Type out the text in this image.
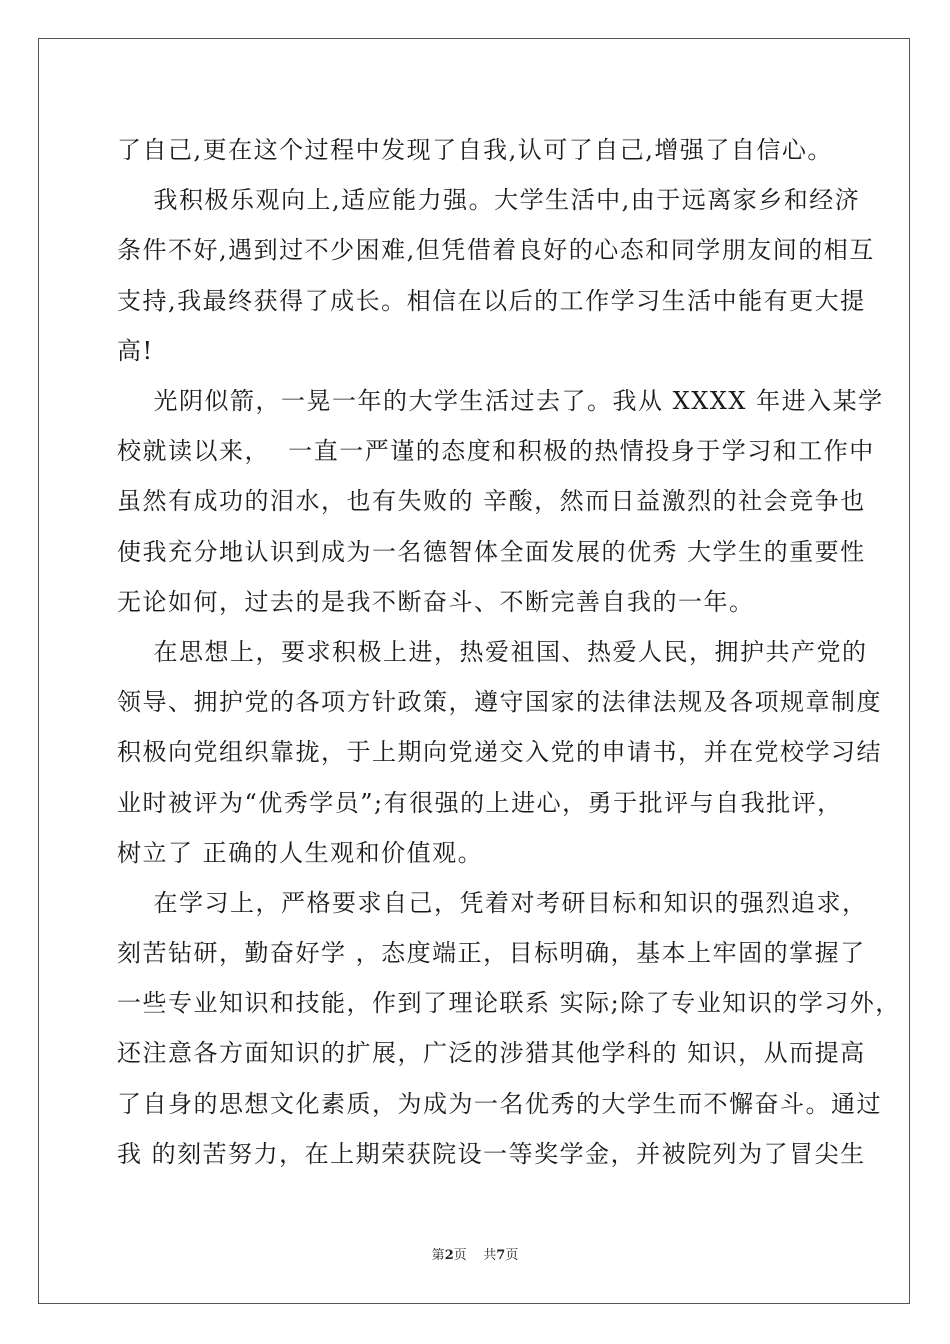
了自己,更在这个过程中发现了自我,认可了自己,增强了自信心。
我积极乐观向上,适应能力强。大学生活中,由于远离家乡和经济
条件不好,遇到过不少困难,但凭借着良好的心态和同学朋友间的相互
支持,我最终获得了成长。相信在以后的工作学习生活中能有更大提
高!
光阴似箭，一晃一年的大学生活过去了。我从 XXXX 年进入某学
校就读以来，  一直一严谨的态度和积极的热情投身于学习和工作中
虽然有成功的泪水，也有失败的 辛酸，然而日益激烈的社会竞争也
使我充分地认识到成为一名德智体全面发展的优秀 大学生的重要性
无论如何，过去的是我不断奋斗、不断完善自我的一年。
在思想上，要求积极上进，热爱祖国、热爱人民，拥护共产党的
领导、拥护党的各项方针政策，遵守国家的法律法规及各项规章制度
积极向党组织靠拢，于上期向党递交入党的申请书，并在党校学习结
业时被评为“优秀学员”;有很强的上进心，勇于批评与自我批评，
树立了 正确的人生观和价值观。
在学习上，严格要求自己，凭着对考研目标和知识的强烈追求，
刻苦钻研，勤奋好学 ，态度端正，目标明确，基本上牢固的掌握了
一些专业知识和技能，作到了理论联系 实际;除了专业知识的学习外，
还注意各方面知识的扩展，广泛的涉猎其他学科的 知识，从而提高
了自身的思想文化素质，为成为一名优秀的大学生而不懈奋斗。通过
我 的刻苦努力，在上期荣获院设一等奖学金，并被院列为了冒尖生
第2页    共7页
